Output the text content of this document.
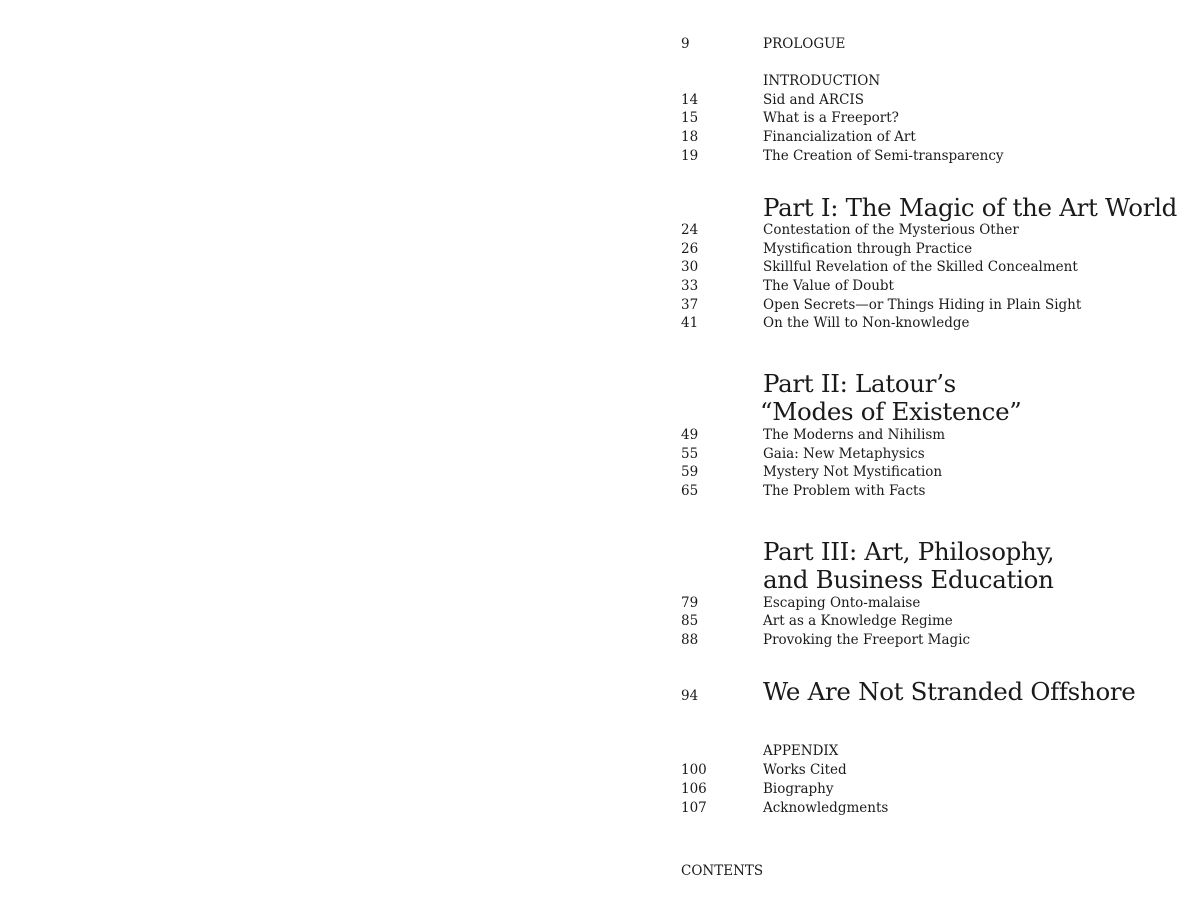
9	PROLOGUE
INTRODUCTION
14	Sid and ARCIS
15	What is a Freeport?
18	Financialization of Art
19	The Creation of Semi-transparency
Part I: The Magic of the Art World
24	Contestation of the Mysterious Other
26	Mystification through Practice
30	Skillful Revelation of the Skilled Concealment
33	The Value of Doubt
37	Open Secrets—or Things Hiding in Plain Sight
41	On the Will to Non-knowledge
Part II: Latour’s
“Modes of Existence”
49	The Moderns and Nihilism
55	Gaia: New Metaphysics
59	Mystery Not Mystification
65	The Problem with Facts
Part III: Art, Philosophy,
and Business Education
79	Escaping Onto-malaise
85	Art as a Knowledge Regime
88	Provoking the Freeport Magic
94	We Are Not Stranded Offshore
APPENDIX
100	Works Cited
106	Biography
107	Acknowledgments
CONTENTS
